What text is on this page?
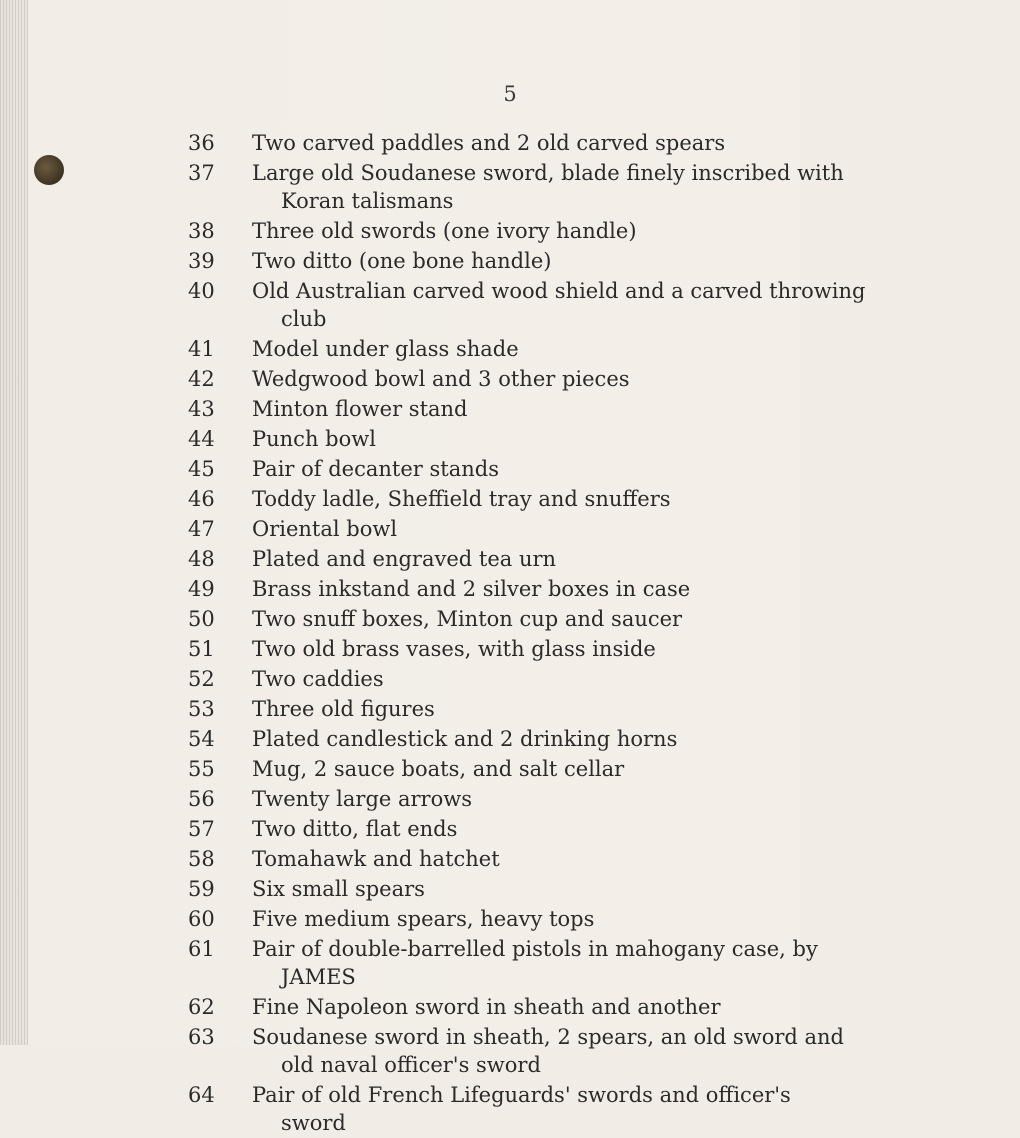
5
36	Two carved paddles and 2 old carved spears
37	Large old Soudanese sword, blade finely inscribed with
Koran talismans
38	Three old swords (one ivory handle)
39	Two ditto (one bone handle)
40	Old Australian carved wood shield and a carved throwing
club
41	Model under glass shade
42	Wedgwood bowl and 3 other pieces
43	Minton flower stand
44	Punch bowl
45	Pair of decanter stands
46	Toddy ladle, Sheffield tray and snuffers
47	Oriental bowl
48	Plated and engraved tea urn
49	Brass inkstand and 2 silver boxes in case
50	Two snuff boxes, Minton cup and saucer
51	Two old brass vases, with glass inside
52	Two caddies
53	Three old figures
54	Plated candlestick and 2 drinking horns
55	Mug, 2 sauce boats, and salt cellar
56	Twenty large arrows
57	Two ditto, flat ends
58	Tomahawk and hatchet
59	Six small spears
60	Five medium spears, heavy tops
61	Pair of double-barrelled pistols in mahogany case, by
JAMES
62	Fine Napoleon sword in sheath and another
63	Soudanese sword in sheath, 2 spears, an old sword and
old naval officer's sword
64	Pair of old French Lifeguards' swords and officer's
sword
